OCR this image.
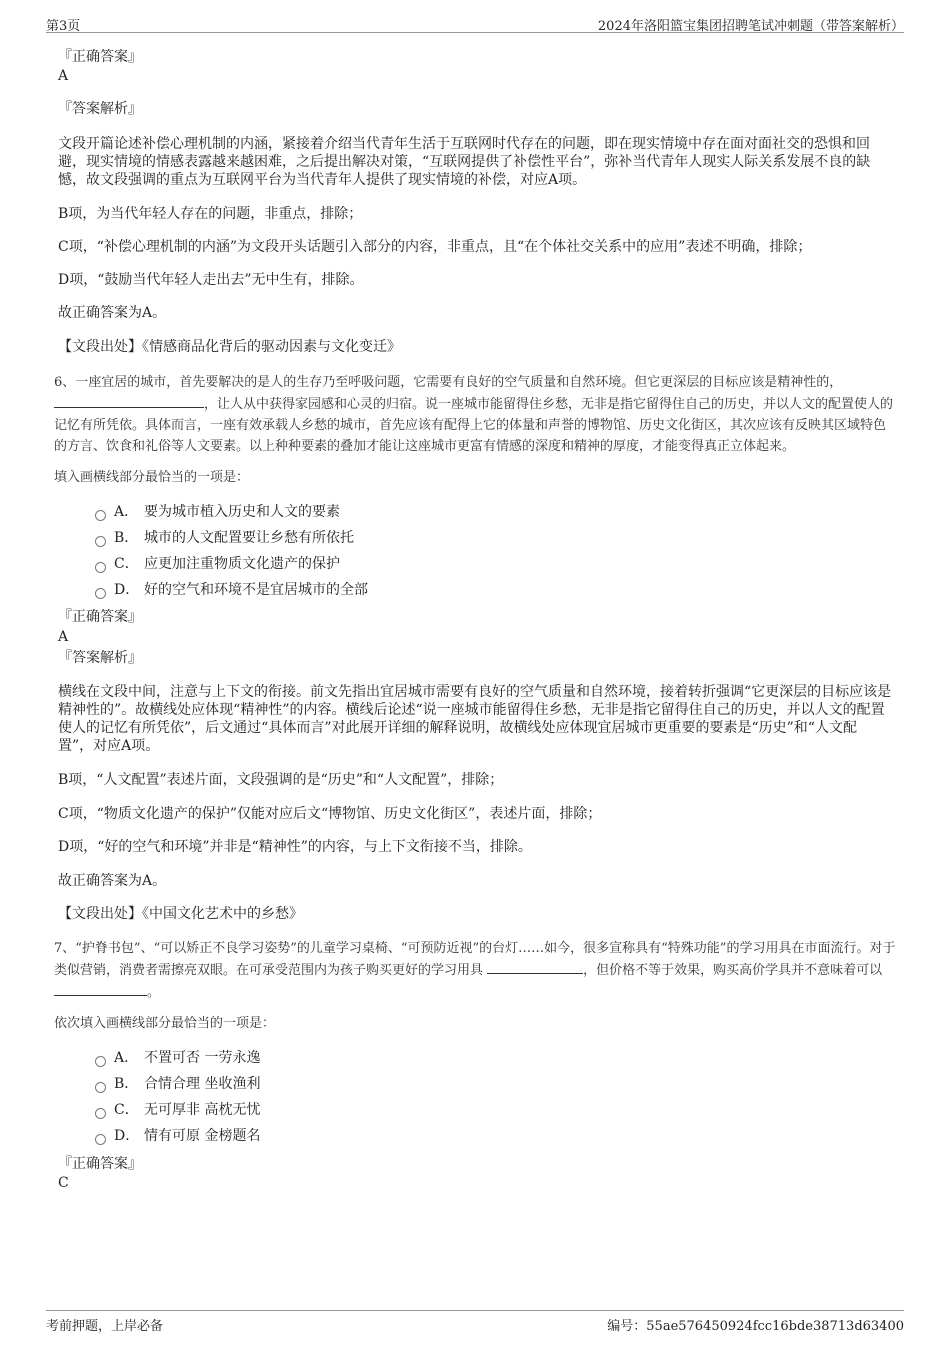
第3页	2024年洛阳篮宝集团招聘笔试冲刺题（带答案解析）
『正确答案』
A
『答案解析』
文段开篇论述补偿心理机制的内涵，紧接着介绍当代青年生活于互联网时代存在的问题，即在现实情境中存在面对面社交的恐惧和回避，现实情境的情感表露越来越困难，之后提出解决对策，“互联网提供了补偿性平台”，弥补当代青年人现实人际关系发展不良的缺憾，故文段强调的重点为互联网平台为当代青年人提供了现实情境的补偿，对应A项。
B项，为当代年轻人存在的问题，非重点，排除；
C项，“补偿心理机制的内涵”为文段开头话题引入部分的内容，非重点，且“在个体社交关系中的应用”表述不明确，排除；
D项，“鼓励当代年轻人走出去”无中生有，排除。
故正确答案为A。
【文段出处】《情感商品化背后的驱动因素与文化变迁》
6、一座宜居的城市，首先要解决的是人的生存乃至呼吸问题，它需要有良好的空气质量和自然环境。但它更深层的目标应该是精神性的，
，让人从中获得家园感和心灵的归宿。说一座城市能留得住乡愁，无非是指它留得住自己的历史，并以人文的配置使人的记忆有所凭依。具体而言，一座有效承载人乡愁的城市，首先应该有配得上它的体量和声誉的博物馆、历史文化街区，其次应该有反映其区域特色的方言、饮食和礼俗等人文要素。以上种种要素的叠加才能让这座城市更富有情感的深度和精神的厚度，才能变得真正立体起来。
填入画横线部分最恰当的一项是：
A． 要为城市植入历史和人文的要素
B． 城市的人文配置要让乡愁有所依托
C． 应更加注重物质文化遗产的保护
D． 好的空气和环境不是宜居城市的全部
『正确答案』
A
『答案解析』
横线在文段中间，注意与上下文的衔接。前文先指出宜居城市需要有良好的空气质量和自然环境，接着转折强调“它更深层的目标应该是精神性的”。故横线处应体现“精神性”的内容。横线后论述“说一座城市能留得住乡愁，无非是指它留得住自己的历史，并以人文的配置使人的记忆有所凭依”，后文通过“具体而言”对此展开详细的解释说明，故横线处应体现宜居城市更重要的要素是“历史”和“人文配置”，对应A项。
B项，“人文配置”表述片面，文段强调的是“历史”和“人文配置”，排除；
C项，“物质文化遗产的保护”仅能对应后文“博物馆、历史文化街区”，表述片面，排除；
D项，“好的空气和环境”并非是“精神性”的内容，与上下文衔接不当，排除。
故正确答案为A。
【文段出处】《中国文化艺术中的乡愁》
7、“护脊书包”、“可以矫正不良学习姿势”的儿童学习桌椅、“可预防近视”的台灯……如今，很多宣称具有“特殊功能”的学习用具在市面流行。对于类似营销，消费者需擦亮双眼。在可承受范围内为孩子购买更好的学习用具	，但价格不等于效果，购买高价学具并不意味着可以 。
依次填入画横线部分最恰当的一项是：
A． 不置可否 一劳永逸
B． 合情合理 坐收渔利
C． 无可厚非 高枕无忧
D． 情有可原 金榜题名
『正确答案』
C
考前押题，上岸必备	编号：55ae576450924fcc16bde38713d63400
